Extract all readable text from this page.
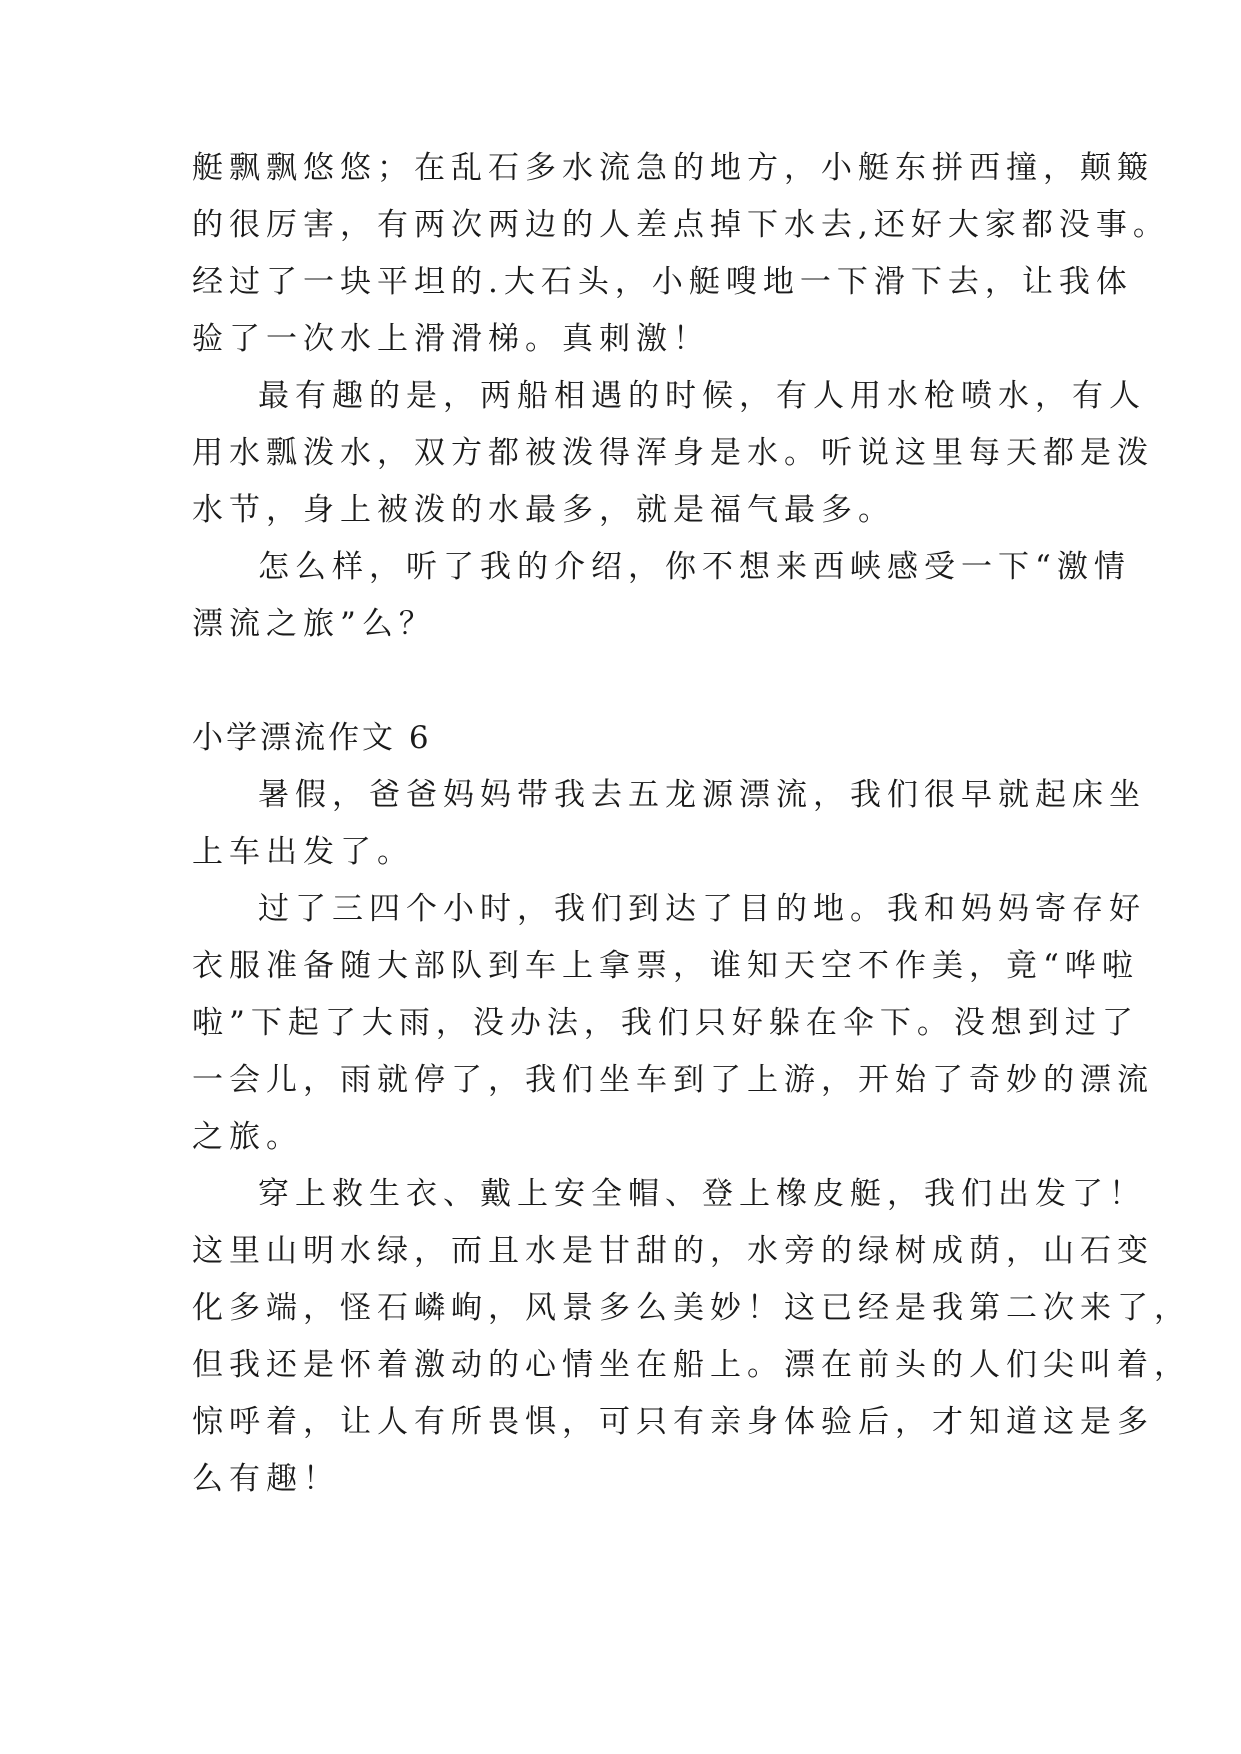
艇飘飘悠悠；在乱石多水流急的地方，小艇东拼西撞，颠簸
的很厉害，有两次两边的人差点掉下水去,还好大家都没事。
经过了一块平坦的.大石头，小艇嗖地一下滑下去，让我体
验了一次水上滑滑梯。真刺激！
最有趣的是，两船相遇的时候，有人用水枪喷水，有人
用水瓢泼水，双方都被泼得浑身是水。听说这里每天都是泼
水节，身上被泼的水最多，就是福气最多。
怎么样，听了我的介绍，你不想来西峡感受一下“激情
漂流之旅”么？
小学漂流作文 6
暑假，爸爸妈妈带我去五龙源漂流，我们很早就起床坐
上车出发了。
过了三四个小时，我们到达了目的地。我和妈妈寄存好
衣服准备随大部队到车上拿票，谁知天空不作美，竟“哗啦
啦”下起了大雨，没办法，我们只好躲在伞下。没想到过了
一会儿，雨就停了，我们坐车到了上游，开始了奇妙的漂流
之旅。
穿上救生衣、戴上安全帽、登上橡皮艇，我们出发了！
这里山明水绿，而且水是甘甜的，水旁的绿树成荫，山石变
化多端，怪石嶙峋，风景多么美妙！这已经是我第二次来了，
但我还是怀着激动的心情坐在船上。漂在前头的人们尖叫着，
惊呼着，让人有所畏惧，可只有亲身体验后，才知道这是多
么有趣！
